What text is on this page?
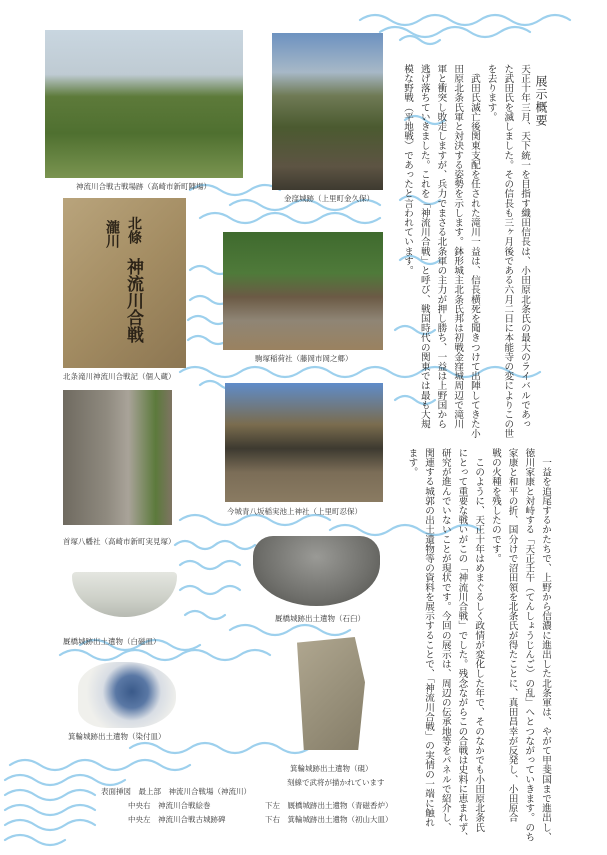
神流川合戦古戦場跡（高崎市新町陣場）
金窪城跡（上里町金久保）
北條
瀧川
神流川合戦
北条滝川神流川合戦記（個人蔵）
駒塚稲荷社（藤岡市岡之郷）
首塚八幡社（高崎市新町実見塚）
今城青八坂稲実池上神社（上里町忍保）
厩橋城跡出土遺物（石臼）
厩橋城跡出土遺物（白磁皿）
箕輪城跡出土遺物（染付皿）
箕輪城跡出土遺物（硯）
刻線で武将が描かれています
表面挿図　最上部　神流川合戦場（神流川）
中央右　神流川合戦絵巻
中央左　神流川合戦古城跡碑
下左　厩橋城跡出土遺物（青磁香炉）
下右　箕輪城跡出土遺物（初山大皿）
展示概要
天正十年三月、天下統一を目指す織田信長は、小田原北条氏の最大のライバルであっ
た武田氏を滅しました。その信長も三ヶ月後である六月二日に本能寺の変によりこの世
を去ります。
　武田氏滅亡後関東支配を任された滝川一益は、信長横死を聞きつけて出陣してきた小
田原北条氏軍と対決する姿勢を示します。鉢形城主北条氏邦は初戦金窪城周辺で滝川
軍と衝突し敗走しますが、兵力でまさる北条軍の主力が押し勝ち、一益は上野国から
逃げ落ちていきました。これを「神流川合戦」と呼び、戦国時代の関東では最も大規
模な野戦（平地戦）であったと言われています。
　一益を追尾するかたちで、上野から信濃に進出した北条軍は、やがて甲斐国まで進出し、
徳川家康と対峙する「天正壬午（てんしょうじんご）の乱」へとつながっていきます。のち
家康と和平の折、国分けで沼田領を北条氏が得たことに、真田昌幸が反発し、小田原合
戦の火種を残したのです。
　このように、天正十年はめまぐるしく政情が変化した年で、そのなかでも小田原北条氏
にとって重要な戦いがこの「神流川合戦」でした。残念ながらこの合戦は史料に恵まれず、
研究が進んでいないことが現状です。今回の展示は、周辺の伝承地等をパネルで紹介し、
関連する城郭の出土遺物等の資料を展示することで、「神流川合戦」の実情の一端に触れ
ます。
